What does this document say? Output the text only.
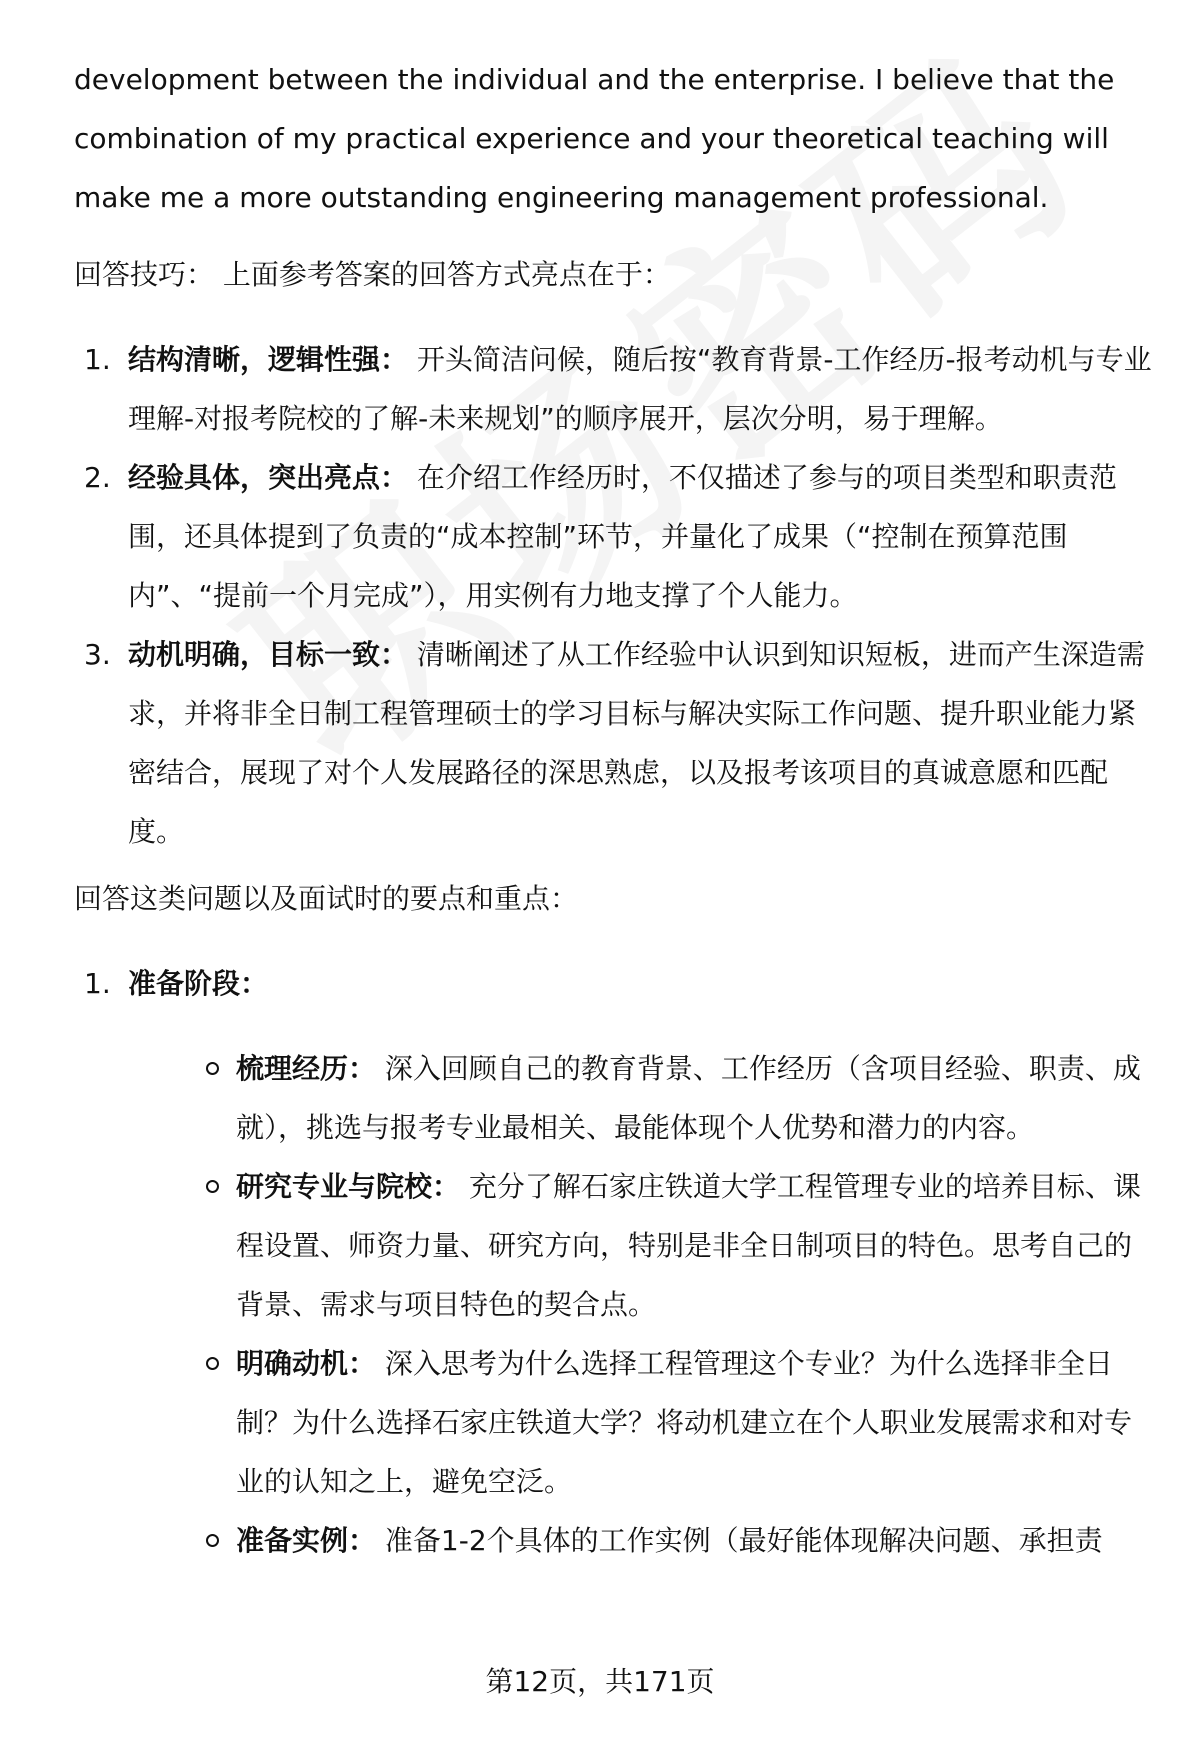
development between the individual and the enterprise. I believe that the combination of my practical experience and your theoretical teaching will make me a more outstanding engineering management professional.

回答技巧： 上面参考答案的回答方式亮点在于：

1. 结构清晰，逻辑性强： 开头简洁问候，随后按“教育背景-工作经历-报考动机与专业理解-对报考院校的了解-未来规划”的顺序展开，层次分明，易于理解。
2. 经验具体，突出亮点： 在介绍工作经历时，不仅描述了参与的项目类型和职责范围，还具体提到了负责的“成本控制”环节，并量化了成果（“控制在预算范围内”、“提前一个月完成”），用实例有力地支撑了个人能力。
3. 动机明确，目标一致： 清晰阐述了从工作经验中认识到知识短板，进而产生深造需求，并将非全日制工程管理硕士的学习目标与解决实际工作问题、提升职业能力紧密结合，展现了对个人发展路径的深思熟虑，以及报考该项目的真诚意愿和匹配度。

回答这类问题以及面试时的要点和重点：

1. 准备阶段：
梳理经历： 深入回顾自己的教育背景、工作经历（含项目经验、职责、成就），挑选与报考专业最相关、最能体现个人优势和潜力的内容。
研究专业与院校： 充分了解石家庄铁道大学工程管理专业的培养目标、课程设置、师资力量、研究方向，特别是非全日制项目的特色。思考自己的背景、需求与项目特色的契合点。
明确动机： 深入思考为什么选择工程管理这个专业？为什么选择非全日制？为什么选择石家庄铁道大学？将动机建立在个人职业发展需求和对专业的认知之上，避免空泛。
准备实例： 准备1-2个具体的工作实例（最好能体现解决问题、承担责
第12页，共171页
